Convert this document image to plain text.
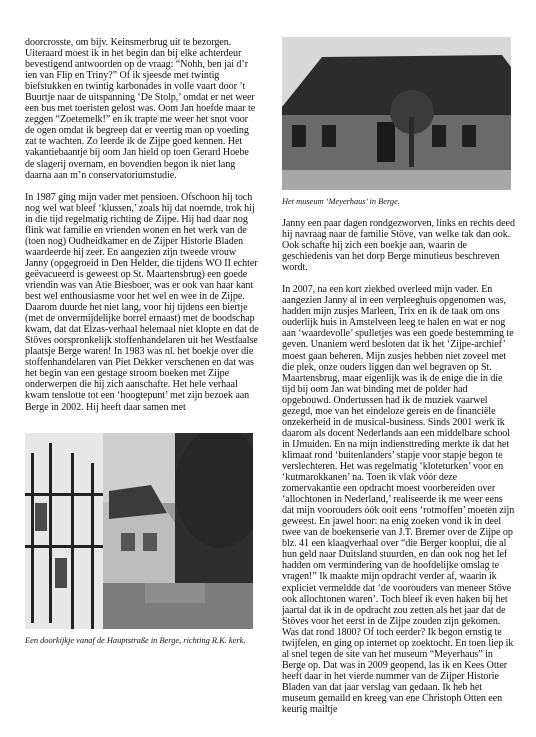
doorcrosste, om bijv. Keinsmerbrug uit te bezorgen. Uiteraard moest ik in het begin dan bij elke achterdeur bevestigend antwoorden op de vraag: “Nohh, ben jai d’r ien van Flip en Triny?” Of ik sjeesde met twintig biefstukken en twintig karbonades in volle vaart door ’t Buurtje naar de uitspanning ‘De Stolp,’ omdat er net weer een bus met toeristen gelost was. Oom Jan hoefde maar te zeggen “Zoetemelk!” en ik trapte me weer het snot voor de ogen omdat ik begreep dat er veertig man op voeding zat te wachten. Zo leerde ik de Zijpe goed kennen. Het vakantiebaantje bij oom Jan hield op toen Gerard Hoebe de slagerij overnam, en bovendien begon ik niet lang daarna aan m’n conservatoriumstudie.

In 1987 ging mijn vader met pensioen. Ofschoon hij toch nog wel wat bleef ‘klussen,’ zoals hij dat noemde, trok hij in die tijd regelmatig richting de Zijpe. Hij had daar nog flink wat familie en vrienden wonen en het werk van de (toen nog) Oudheidkamer en de Zijper Historie Bladen waardeerde hij zeer. En aangezien zijn tweede vrouw Janny (opgegroeid in Den Helder, die tijdens WO II echter geëvacueerd is geweest op St. Maartensbrug) een goede vriendin was van Atie Biesboer, was er ook van haar kant best wel enthousiasme voor het wel en wee in de Zijpe. Daarom duurde het niet lang, voor hij tijdens een biertje (met de onvermijdelijke borrel ernaast) met de boodschap kwam, dat dat Elzas-verhaal helemaal niet klopte en dat de Stöves oorspronkelijk stoffenhandelaren uit het Westfaalse plaatsje Berge waren! In 1983 was nl. het boekje over die stoffenhandelaren van Piet Dekker verschenen en dat was het begin van een gestage stroom boeken met Zijpe onderwerpen die hij zich aanschafte. Het hele verhaal kwam tenslotte tot een ‘hoogtepunt’ met zijn bezoek aan Berge in 2002. Hij heeft daar samen met

Een doorkijkje vanaf de Hauptstraße in Berge, richting R.K. kerk.
Het museum ‘Meyerhaus’ in Berge.

Janny een paar dagen rondgezworven, links en rechts deed hij navraag naar de familie Stöve, van welke tak dan ook. Ook schafte hij zich een boekje aan, waarin de geschiedenis van het dorp Berge minutieus beschreven wordt.

In 2007, na een kort ziekbed overleed mijn vader. En aangezien Janny al in een verpleeghuis opgenomen was, hadden mijn zusjes Marleen, Trix en ik de taak om ons ouderlijk huis in Amstelveen leeg te halen en wat er nog aan ‘waardevolle’ spulletjes was een goede bestemming te geven. Unaniem werd besloten dat ik het ‘Zijpe-archief’ moest gaan beheren. Mijn zusjes hebben niet zoveel met die plek, onze ouders liggen dan wel begraven op St. Maartensbrug, maar eigenlijk was ik de enige die in die tijd bij oom Jan wat binding met de polder had opgebouwd. Ondertussen had ik de muziek vaarwel gezegd, moe van het eindeloze gereis en de financiële onzekerheid in de musical-business. Sinds 2001 werk ik daarom als docent Nederlands aan een middelbare school in IJmuiden. En na mijn indiensttreding merkte ik dat het klimaat rond ‘buitenlanders’ stapje voor stapje begon te verslechteren. Het was regelmatig ‘kloteturken’ voor en ‘kutmarokkanen’ na. Toen ik vlak vóór deze zomervakantie een opdracht moest voorbereiden over ‘allochtonen in Nederland,’ realiseerde ik me weer eens dat mijn voorouders óók ooit eens ‘rotmoffen’ moeten zijn geweest. En jawel hoor: na enig zoeken vond ik in deel twee van de boekenserie van J.T. Bremer over de Zijpe op blz. 41 een klaagverhaal over “die Berger kooplui, die al hun geld naar Duitsland stuurden, en dan ook nog het lef hadden om vermindering van de hoofdelijke omslag te vragen!” Ik maakte mijn opdracht verder af, waarin ik expliciet vermeldde dat ‘de voorouders van meneer Stöve ook allochtonen waren’. Toch bleef ik even haken bij het jaartal dat ik in de opdracht zou zetten als het jaar dat de Stöves voor het eerst in de Zijpe zouden zijn gekomen. Was dat rond 1800? Of toch eerder? Ik begon ernstig te twijfelen, en ging op internet op zoektocht. En toen liep ik al snel tegen de site van het museum “Meyerhaus” in Berge op. Dat was in 2009 geopend, las ik en Kees Otter heeft daar in het vierde nummer van de Zijper Historie Bladen van dat jaar verslag van gedaan. Ik heb het museum gemaild en kreeg van ene Christoph Otten een keurig mailtje
